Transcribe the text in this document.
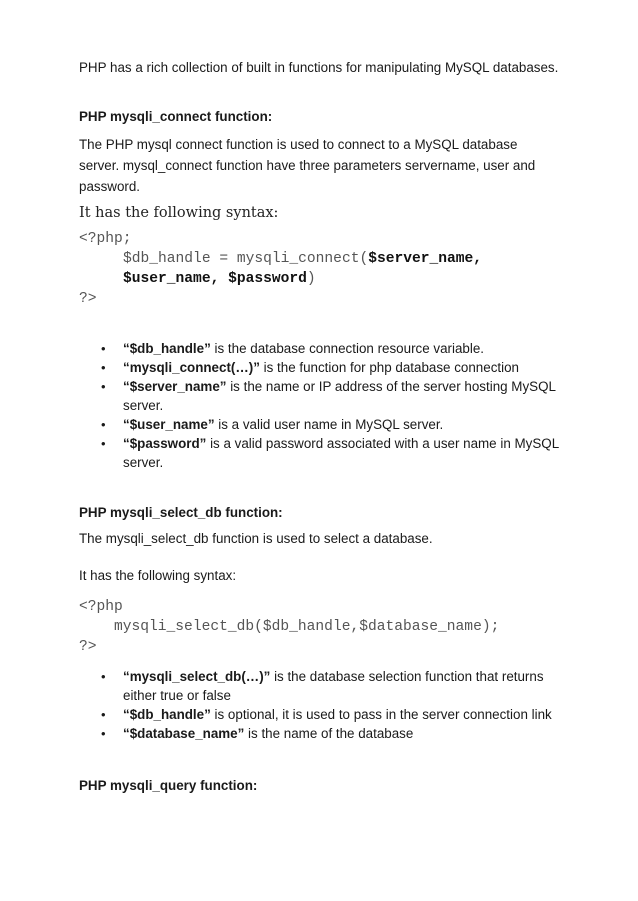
PHP has a rich collection of built in functions for manipulating MySQL databases.
PHP mysqli_connect function:
The PHP mysql connect function is used to connect to a MySQL database server. mysql_connect function have three parameters servername, user and password.
It has the following syntax:
<?php;
$db_handle = mysqli_connect($server_name,
$user_name, $password)
?>
• “$db_handle” is the database connection resource variable.
• “mysqli_connect(…)” is the function for php database connection
• “$server_name” is the name or IP address of the server hosting MySQL server.
• “$user_name” is a valid user name in MySQL server.
• “$password” is a valid password associated with a user name in MySQL server.
PHP mysqli_select_db function:
The mysqli_select_db function is used to select a database.
It has the following syntax:
<?php
mysqli_select_db($db_handle,$database_name);
?>
• “mysqli_select_db(…)” is the database selection function that returns either true or false
• “$db_handle” is optional, it is used to pass in the server connection link
• “$database_name” is the name of the database
PHP mysqli_query function:
